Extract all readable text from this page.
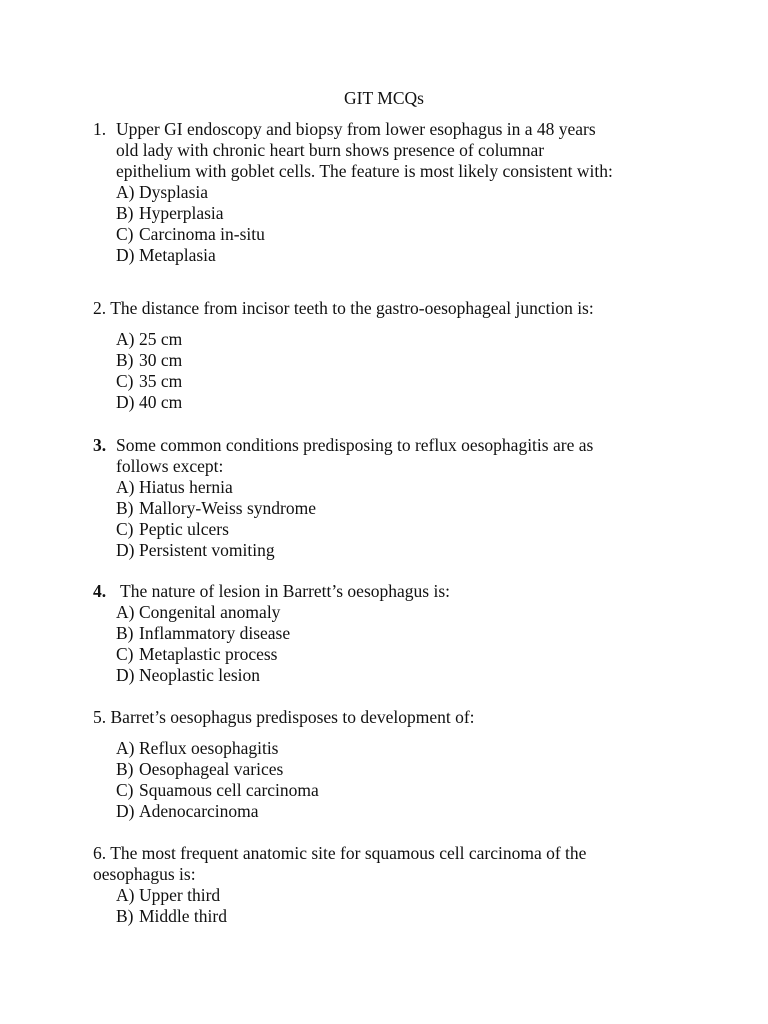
GIT MCQs
1. Upper GI endoscopy and biopsy from lower esophagus in a 48 years
old lady with chronic heart burn shows presence of columnar
epithelium with goblet cells. The feature is most likely consistent with:
A) Dysplasia
B) Hyperplasia
C) Carcinoma in-situ
D) Metaplasia
2. The distance from incisor teeth to the gastro-oesophageal junction is:
A) 25 cm
B) 30 cm
C) 35 cm
D) 40 cm
3. Some common conditions predisposing to reflux oesophagitis are as
follows except:
A) Hiatus hernia
B) Mallory-Weiss syndrome
C) Peptic ulcers
D) Persistent vomiting
4. The nature of lesion in Barrett’s oesophagus is:
A) Congenital anomaly
B) Inflammatory disease
C) Metaplastic process
D) Neoplastic lesion
5. Barret’s oesophagus predisposes to development of:
A) Reflux oesophagitis
B) Oesophageal varices
C) Squamous cell carcinoma
D) Adenocarcinoma
6. The most frequent anatomic site for squamous cell carcinoma of the
oesophagus is:
A) Upper third
B) Middle third
